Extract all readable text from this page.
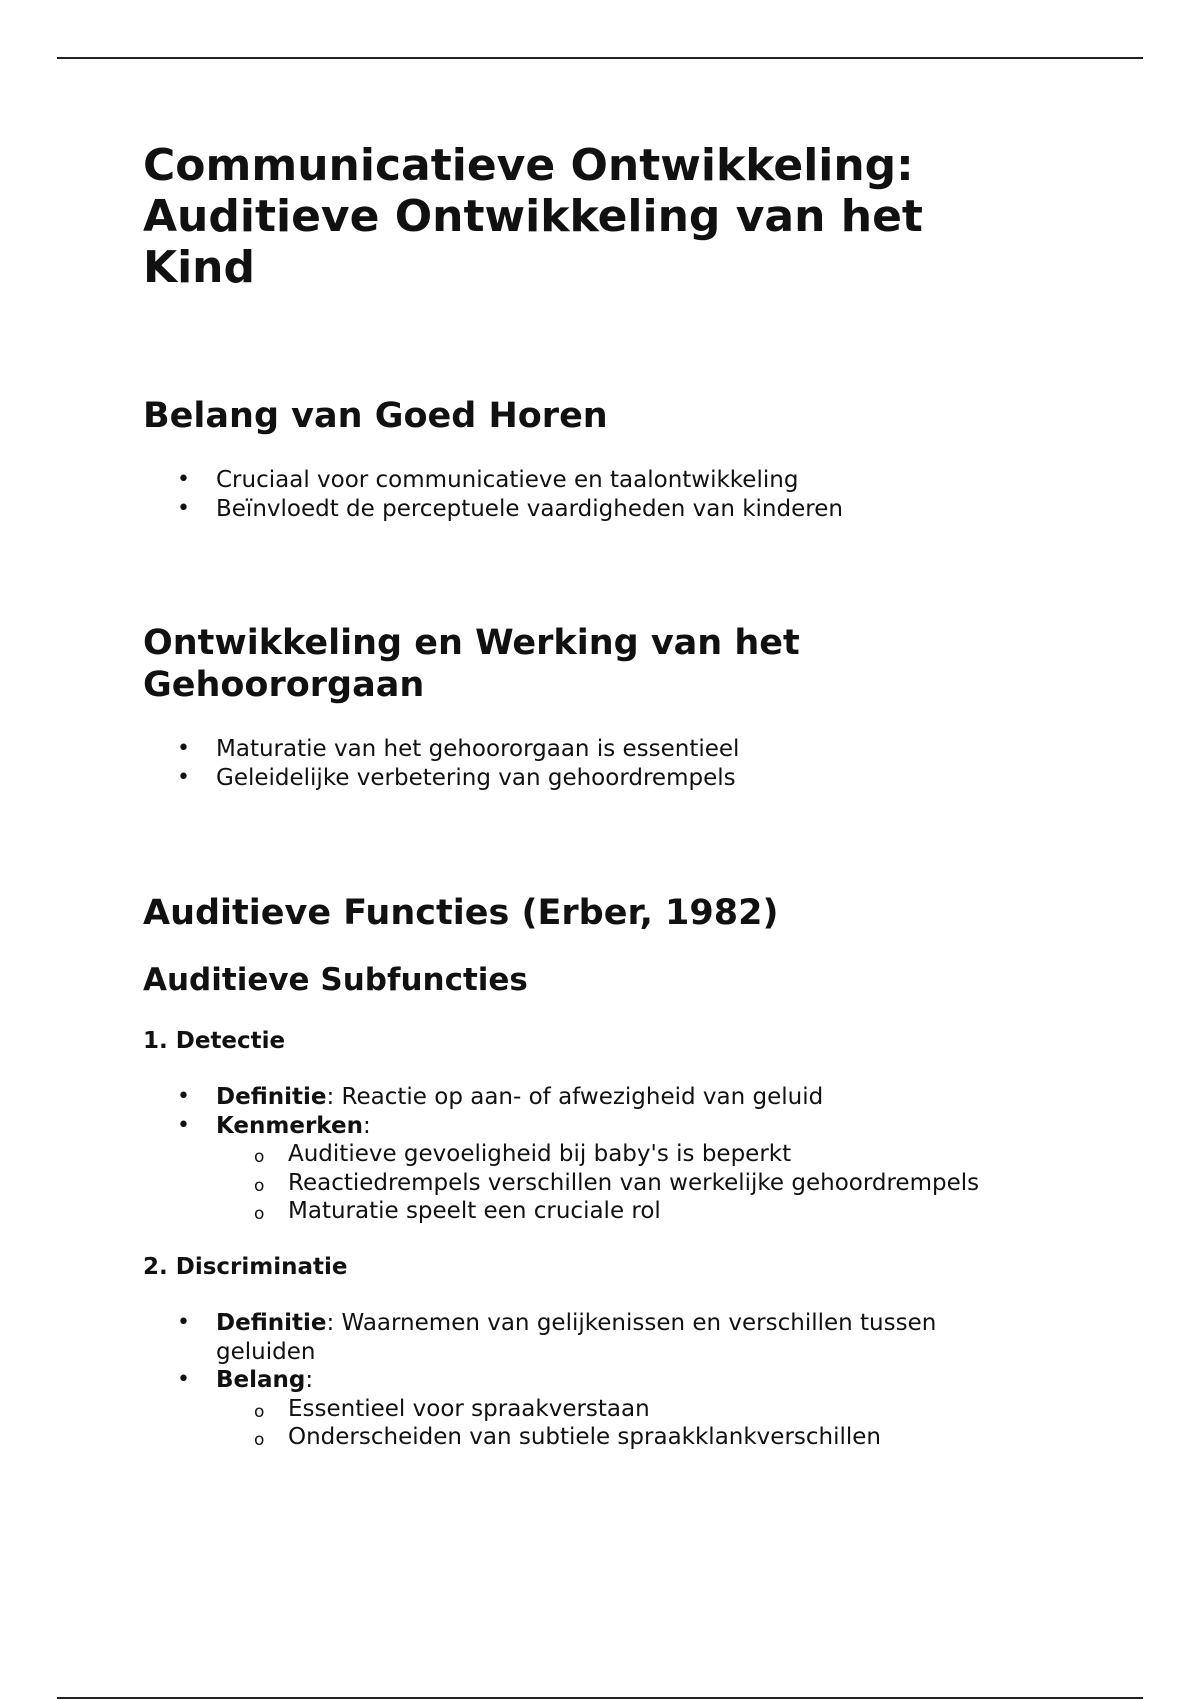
Communicatieve Ontwikkeling: Auditieve Ontwikkeling van het Kind
Belang van Goed Horen
• Cruciaal voor communicatieve en taalontwikkeling
• Beïnvloedt de perceptuele vaardigheden van kinderen
Ontwikkeling en Werking van het Gehoororgaan
• Maturatie van het gehoororgaan is essentieel
• Geleidelijke verbetering van gehoordrempels
Auditieve Functies (Erber, 1982)
Auditieve Subfuncties
1. Detectie
• Definitie: Reactie op aan- of afwezigheid van geluid
• Kenmerken:
o Auditieve gevoeligheid bij baby's is beperkt
o Reactiedrempels verschillen van werkelijke gehoordrempels
o Maturatie speelt een cruciale rol
2. Discriminatie
• Definitie: Waarnemen van gelijkenissen en verschillen tussen geluiden
• Belang:
o Essentieel voor spraakverstaan
o Onderscheiden van subtiele spraakklankverschillen
